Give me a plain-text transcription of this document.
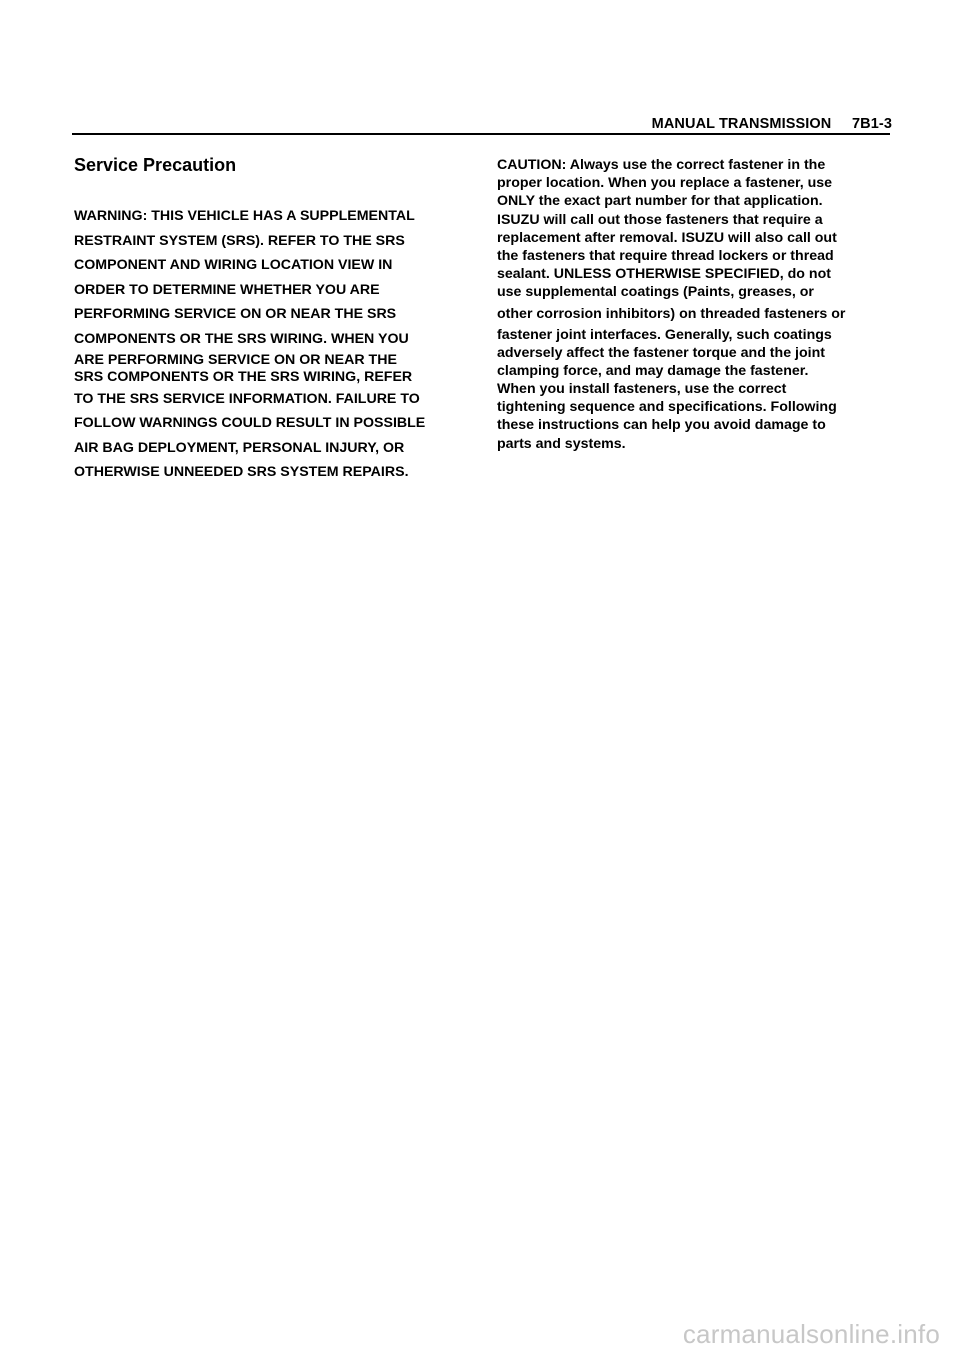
MANUAL TRANSMISSION 7B1-3
Service Precaution
WARNING: THIS VEHICLE HAS A SUPPLEMENTAL
RESTRAINT SYSTEM (SRS). REFER TO THE SRS
COMPONENT AND WIRING LOCATION VIEW IN
ORDER TO DETERMINE WHETHER YOU ARE
PERFORMING SERVICE ON OR NEAR THE SRS
COMPONENTS OR THE SRS WIRING. WHEN YOU
ARE PERFORMING SERVICE ON OR NEAR THE
SRS COMPONENTS OR THE SRS WIRING, REFER
TO THE SRS SERVICE INFORMATION. FAILURE TO
FOLLOW WARNINGS COULD RESULT IN POSSIBLE
AIR BAG DEPLOYMENT, PERSONAL INJURY, OR
OTHERWISE UNNEEDED SRS SYSTEM REPAIRS.
CAUTION: Always use the correct fastener in the
proper location. When you replace a fastener, use
ONLY the exact part number for that application.
ISUZU will call out those fasteners that require a
replacement after removal. ISUZU will also call out
the fasteners that require thread lockers or thread
sealant. UNLESS OTHERWISE SPECIFIED, do not
use supplemental coatings (Paints, greases, or
other corrosion inhibitors) on threaded fasteners or
fastener joint interfaces. Generally, such coatings
adversely affect the fastener torque and the joint
clamping force, and may damage the fastener.
When you install fasteners, use the correct
tightening sequence and specifications. Following
these instructions can help you avoid damage to
parts and systems.
carmanualsonline.info
